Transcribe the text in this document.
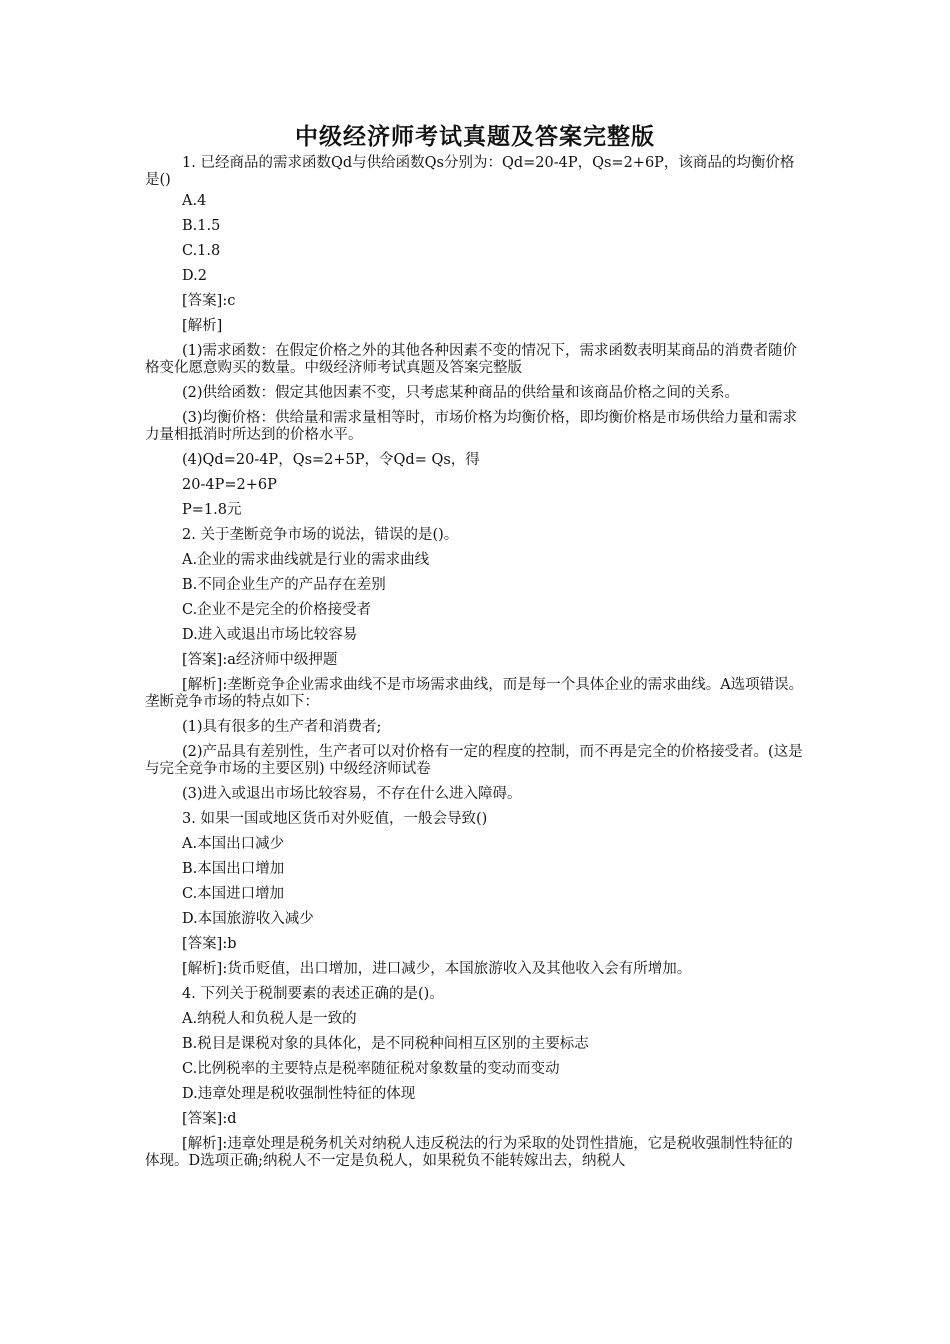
中级经济师考试真题及答案完整版

1. 已经商品的需求函数Qd与供给函数Qs分别为：Qd=20-4P，Qs=2+6P，该商品的均衡价格是()

A.4

B.1.5

C.1.8

D.2

[答案]:c

[解析]

(1)需求函数：在假定价格之外的其他各种因素不变的情况下，需求函数表明某商品的消费者随价格变化愿意购买的数量。中级经济师考试真题及答案完整版

(2)供给函数：假定其他因素不变，只考虑某种商品的供给量和该商品价格之间的关系。

(3)均衡价格：供给量和需求量相等时，市场价格为均衡价格，即均衡价格是市场供给力量和需求力量相抵消时所达到的价格水平。

(4)Qd=20-4P，Qs=2+5P，令Qd= Qs，得

20-4P=2+6P

P=1.8元

2. 关于垄断竞争市场的说法，错误的是()。

A.企业的需求曲线就是行业的需求曲线

B.不同企业生产的产品存在差别

C.企业不是完全的价格接受者

D.进入或退出市场比较容易

[答案]:a经济师中级押题

[解析]:垄断竞争企业需求曲线不是市场需求曲线，而是每一个具体企业的需求曲线。A选项错误。垄断竞争市场的特点如下：

(1)具有很多的生产者和消费者;

(2)产品具有差别性，生产者可以对价格有一定的程度的控制，而不再是完全的价格接受者。(这是与完全竞争市场的主要区别) 中级经济师试卷

(3)进入或退出市场比较容易，不存在什么进入障碍。

3. 如果一国或地区货币对外贬值，一般会导致()

A.本国出口减少

B.本国出口增加

C.本国进口增加

D.本国旅游收入减少

[答案]:b

[解析]:货币贬值，出口增加，进口减少，本国旅游收入及其他收入会有所增加。

4. 下列关于税制要素的表述正确的是()。

A.纳税人和负税人是一致的

B.税目是课税对象的具体化，是不同税种间相互区别的主要标志

C.比例税率的主要特点是税率随征税对象数量的变动而变动

D.违章处理是税收强制性特征的体现

[答案]:d

[解析]:违章处理是税务机关对纳税人违反税法的行为采取的处罚性措施，它是税收强制性特征的体现。D选项正确;纳税人不一定是负税人，如果税负不能转嫁出去，纳税人
